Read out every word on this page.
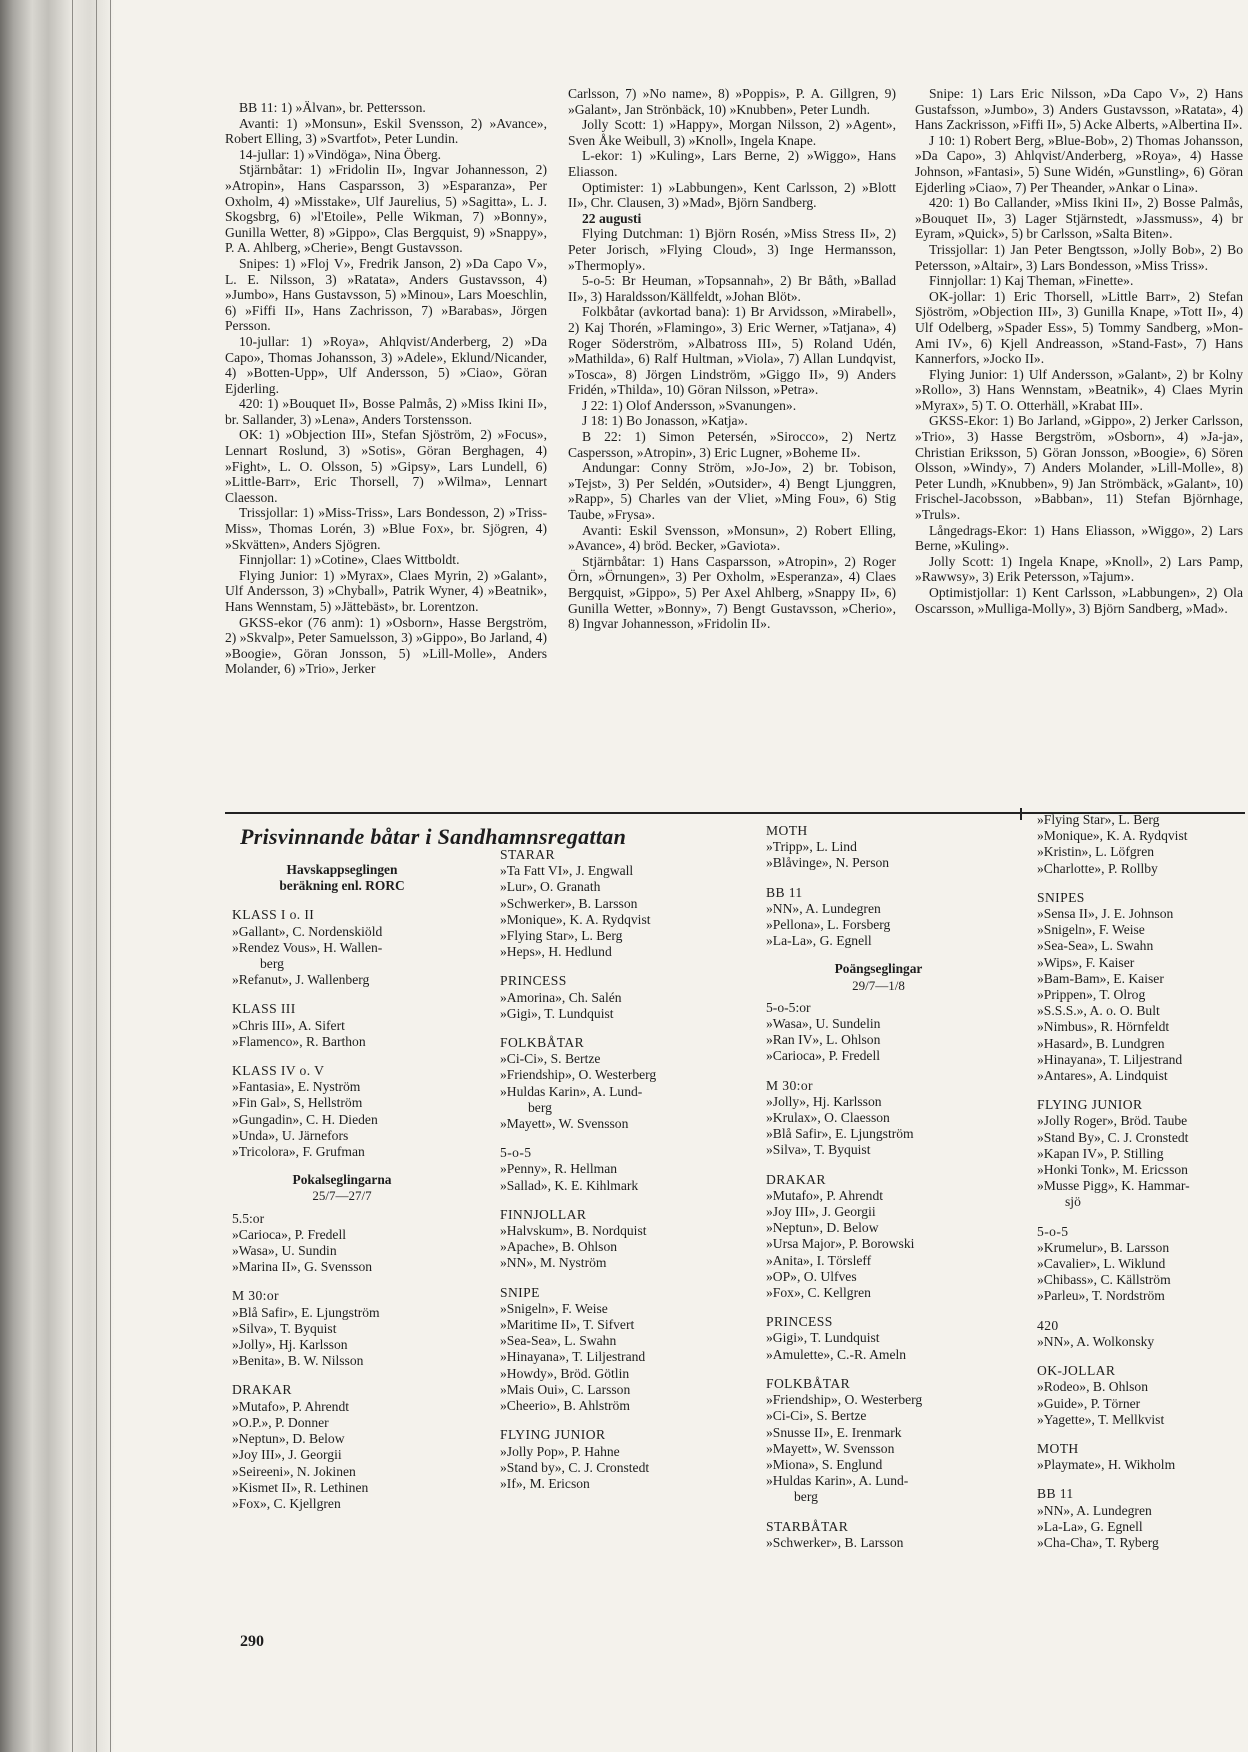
BB 11: 1) »Älvan», br. Pettersson.

Avanti: 1) »Monsun», Eskil Svensson, 2) »Avance», Robert Elling, 3) »Svartfot», Peter Lundin.

14-jullar: 1) »Vindöga», Nina Öberg.

Stjärnbåtar: 1) »Fridolin II», Ingvar Johannesson, 2) »Atropin», Hans Casparsson, 3) »Esparanza», Per Oxholm, 4) »Misstake», Ulf Jaurelius, 5) »Sagitta», L. J. Skogsbrg, 6) »l'Etoile», Pelle Wikman, 7) »Bonny», Gunilla Wetter, 8) »Gippo», Clas Bergquist, 9) »Snappy», P. A. Ahlberg, »Cherie», Bengt Gustavsson.

Snipes: 1) »Floj V», Fredrik Janson, 2) »Da Capo V», L. E. Nilsson, 3) »Ratata», Anders Gustavsson, 4) »Jumbo», Hans Gustavsson, 5) »Minou», Lars Moeschlin, 6) »Fiffi II», Hans Zachrisson, 7) »Barabas», Jörgen Persson.

10-jullar: 1) »Roya», Ahlqvist/Anderberg, 2) »Da Capo», Thomas Johansson, 3) »Adele», Eklund/Nicander, 4) »Botten-Upp», Ulf Andersson, 5) »Ciao», Göran Ejderling.

420: 1) »Bouquet II», Bosse Palmås, 2) »Miss Ikini II», br. Sallander, 3) »Lena», Anders Torstensson.

OK: 1) »Objection III», Stefan Sjöström, 2) »Focus», Lennart Roslund, 3) »Sotis», Göran Berghagen, 4) »Fight», L. O. Olsson, 5) »Gipsy», Lars Lundell, 6) »Little-Barr», Eric Thorsell, 7) »Wilma», Lennart Claesson.

Trissjollar: 1) »Miss-Triss», Lars Bondesson, 2) »Triss-Miss», Thomas Lorén, 3) »Blue Fox», br. Sjögren, 4) »Skvätten», Anders Sjögren.

Finnjollar: 1) »Cotine», Claes Wittboldt.

Flying Junior: 1) »Myrax», Claes Myrin, 2) »Galant», Ulf Andersson, 3) »Chyball», Patrik Wyner, 4) »Beatnik», Hans Wennstam, 5) »Jättebäst», br. Lorentzon.

GKSS-ekor (76 anm): 1) »Osborn», Hasse Bergström, 2) »Skvalp», Peter Samuelsson, 3) »Gippo», Bo Jarland, 4) »Boogie», Göran Jonsson, 5) »Lill-Molle», Anders Molander, 6) »Trio», Jerker

Carlsson, 7) »No name», 8) »Poppis», P. A. Gillgren, 9) »Galant», Jan Strönbäck, 10) »Knubben», Peter Lundh.

Jolly Scott: 1) »Happy», Morgan Nilsson, 2) »Agent», Sven Åke Weibull, 3) »Knoll», Ingela Knape.

L-ekor: 1) »Kuling», Lars Berne, 2) »Wiggo», Hans Eliasson.

Optimister: 1) »Labbungen», Kent Carlsson, 2) »Blott II», Chr. Clausen, 3) »Mad», Björn Sandberg.

22 augusti

Flying Dutchman: 1) Björn Rosén, »Miss Stress II», 2) Peter Jorisch, »Flying Cloud», 3) Inge Hermansson, »Thermoply».

5-o-5: Br Heuman, »Topsannah», 2) Br Båth, »Ballad II», 3) Haraldsson/Källfeldt, »Johan Blöt».

Folkbåtar (avkortad bana): 1) Br Arvidsson, »Mirabell», 2) Kaj Thorén, »Flamingo», 3) Eric Werner, »Tatjana», 4) Roger Söderström, »Albatross III», 5) Roland Udén, »Mathilda», 6) Ralf Hultman, »Viola», 7) Allan Lundqvist, »Toscа», 8) Jörgen Lindström, »Giggo II», 9) Anders Fridén, »Thilda», 10) Göran Nilsson, »Petra».

J 22: 1) Olof Andersson, »Svanungen».

J 18: 1) Bo Jonasson, »Katja».

B 22: 1) Simon Petersén, »Sirocco», 2) Nertz Caspersson, »Atropin», 3) Eric Lugner, »Boheme II».

Andungar: Conny Ström, »Jo-Jo», 2) br. Tobison, »Tejst», 3) Per Seldén, »Outsider», 4) Bengt Ljunggren, »Rapp», 5) Charles van der Vliet, »Ming Fou», 6) Stig Taube, »Frysa».

Avanti: Eskil Svensson, »Monsun», 2) Robert Elling, »Avance», 4) bröd. Becker, »Gaviota».

Stjärnbåtar: 1) Hans Casparsson, »Atropin», 2) Roger Örn, »Örnungen», 3) Per Oxholm, »Esperanza», 4) Claes Bergquist, »Gippo», 5) Per Axel Ahlberg, »Snappy II», 6) Gunilla Wetter, »Bonny», 7) Bengt Gustavsson, »Cherio», 8) Ingvar Johannesson, »Fridolin II».

Snipe: 1) Lars Eric Nilsson, »Da Capo V», 2) Hans Gustafsson, »Jumbo», 3) Anders Gustavsson, »Ratata», 4) Hans Zackrisson, »Fiffi II», 5) Acke Alberts, »Albertina II».

J 10: 1) Robert Berg, »Blue-Bob», 2) Thomas Johansson, »Da Capo», 3) Ahlqvist/Anderberg, »Roya», 4) Hasse Johnson, »Fantasi», 5) Sune Widén, »Gunstling», 6) Göran Ejderling »Ciao», 7) Per Theander, »Ankar o Lina».

420: 1) Bo Callander, »Miss Ikini II», 2) Bosse Palmås, »Bouquet II», 3) Lager Stjärnstedt, »Jassmuss», 4) br Eyram, »Quick», 5) br Carlsson, »Salta Biten».

Trissjollar: 1) Jan Peter Bengtsson, »Jolly Bob», 2) Bo Petersson, »Altair», 3) Lars Bondesson, »Miss Triss».

Finnjollar: 1) Kaj Theman, »Finette».

OK-jollar: 1) Eric Thorsell, »Little Barr», 2) Stefan Sjöström, »Objection III», 3) Gunilla Knape, »Tott II», 4) Ulf Odelberg, »Spader Ess», 5) Tommy Sandberg, »Mon-Ami IV», 6) Kjell Andreasson, »Stand-Fast», 7) Hans Kannerfors, »Jocko II».

Flying Junior: 1) Ulf Andersson, »Galant», 2) br Kolny »Rollo», 3) Hans Wennstam, »Beatnik», 4) Claes Myrin »Myrax», 5) T. O. Otterhäll, »Krabat III».

GKSS-Ekor: 1) Bo Jarland, »Gippo», 2) Jerker Carlsson, »Trio», 3) Hasse Bergström, »Osborn», 4) »Ja-ja», Christian Eriksson, 5) Göran Jonsson, »Boogie», 6) Sören Olsson, »Windy», 7) Anders Molander, »Lill-Molle», 8) Peter Lundh, »Knubben», 9) Jan Strömbäck, »Galant», 10) Frischel-Jacobsson, »Babban», 11) Stefan Björnhage, »Truls».

Långedrags-Ekor: 1) Hans Eliasson, »Wiggo», 2) Lars Berne, »Kuling».

Jolly Scott: 1) Ingela Knape, »Knoll», 2) Lars Pamp, »Rawwsy», 3) Erik Petersson, »Tajum».

Optimistjollar: 1) Kent Carlsson, »Labbungen», 2) Ola Oscarsson, »Mulliga-Molly», 3) Björn Sandberg, »Mad».

Prisvinnande båtar i Sandhamnsregattan
Havskappseglingen
beräkning enl. RORC
KLASS I o. II
»Gallant», C. Nordenskiöld
»Rendez Vous», H. Wallen-
berg
»Refanut», J. Wallenberg
KLASS III
»Chris III», A. Sifert
»Flamenco», R. Barthon
KLASS IV o. V
»Fantasia», E. Nyström
»Fin Gal», S, Hellström
»Gungadin», C. H. Dieden
»Unda», U. Järnefors
»Tricolora», F. Grufman
Pokalseglingarna
25/7—27/7
5.5:or
»Carioca», P. Fredell
»Wasa», U. Sundin
»Marina II», G. Svensson
M 30:or
»Blå Safir», E. Ljungström
»Silva», T. Byquist
»Jolly», Hj. Karlsson
»Benita», B. W. Nilsson
DRAKAR
»Mutafo», P. Ahrendt
»O.P.», P. Donner
»Neptun», D. Below
»Joy III», J. Georgii
»Seireeni», N. Jokinen
»Kismet II», R. Lethinen
»Fox», C. Kjellgren
STARAR
»Ta Fatt VI», J. Engwall
»Lur», O. Granath
»Schwerker», B. Larsson
»Monique», K. A. Rydqvist
»Flying Star», L. Berg
»Heps», H. Hedlund
PRINCESS
»Amorina», Ch. Salén
»Gigi», T. Lundquist
FOLKBÅTAR
»Ci-Ci», S. Bertze
»Friendship», O. Westerberg
»Huldas Karin», A. Lund-
berg
»Mayett», W. Svensson
5-o-5
»Penny», R. Hellman
»Sallad», K. E. Kihlmark
FINNJOLLAR
»Halvskum», B. Nordquist
»Apache», B. Ohlson
»NN», M. Nyström
SNIPE
»Snigeln», F. Weise
»Maritime II», T. Sifvert
»Sea-Sea», L. Swahn
»Hinayana», T. Liljestrand
»Howdy», Bröd. Götlin
»Mais Oui», C. Larsson
»Cheerio», B. Ahlström
FLYING JUNIOR
»Jolly Pop», P. Hahne
»Stand by», C. J. Cronstedt
»If», M. Ericson
MOTH
»Tripp», L. Lind
»Blåvinge», N. Person
BB 11
»NN», A. Lundegren
»Pellona», L. Forsberg
»La-La», G. Egnell
Poängseglingar
29/7—1/8
5-o-5:or
»Wasa», U. Sundelin
»Ran IV», L. Ohlson
»Carioca», P. Fredell
M 30:or
»Jolly», Hj. Karlsson
»Krulax», O. Claesson
»Blå Safir», E. Ljungström
»Silva», T. Byquist
DRAKAR
»Mutafo», P. Ahrendt
»Joy III», J. Georgii
»Neptun», D. Below
»Ursa Major», P. Borowski
»Anita», I. Törsleff
»OP», O. Ulfves
»Fox», C. Kellgren
PRINCESS
»Gigi», T. Lundquist
»Amulette», C.-R. Ameln
FOLKBÅTAR
»Friendship», O. Westerberg
»Ci-Ci», S. Bertze
»Snusse II», E. Irenmark
»Mayett», W. Svensson
»Miona», S. Englund
»Huldas Karin», A. Lund-
berg
STARBÅTAR
»Schwerker», B. Larsson
»Flying Star», L. Berg
»Monique», K. A. Rydqvist
»Kristin», L. Löfgren
»Charlotte», P. Rollby
SNIPES
»Sensa II», J. E. Johnson
»Snigeln», F. Weise
»Sea-Sea», L. Swahn
»Wips», F. Kaiser
»Bam-Bam», E. Kaiser
»Prippen», T. Olrog
»S.S.S.», A. o. O. Bult
»Nimbus», R. Hörnfeldt
»Hasard», B. Lundgren
»Hinayana», T. Liljestrand
»Antares», A. Lindquist
FLYING JUNIOR
»Jolly Roger», Bröd. Taube
»Stand By», C. J. Cronstedt
»Kapan IV», P. Stilling
»Honki Tonk», M. Ericsson
»Musse Pigg», K. Hammar-
sjö
5-o-5
»Krumelur», B. Larsson
»Cavalier», L. Wiklund
»Chibass», C. Källström
»Parleu», T. Nordström
420
»NN», A. Wolkonsky
OK-JOLLAR
»Rodeo», B. Ohlson
»Guide», P. Törner
»Yagette», T. Mellkvist
MOTH
»Playmate», H. Wikholm
BB 11
»NN», A. Lundegren
»La-La», G. Egnell
»Cha-Cha», T. Ryberg
290
